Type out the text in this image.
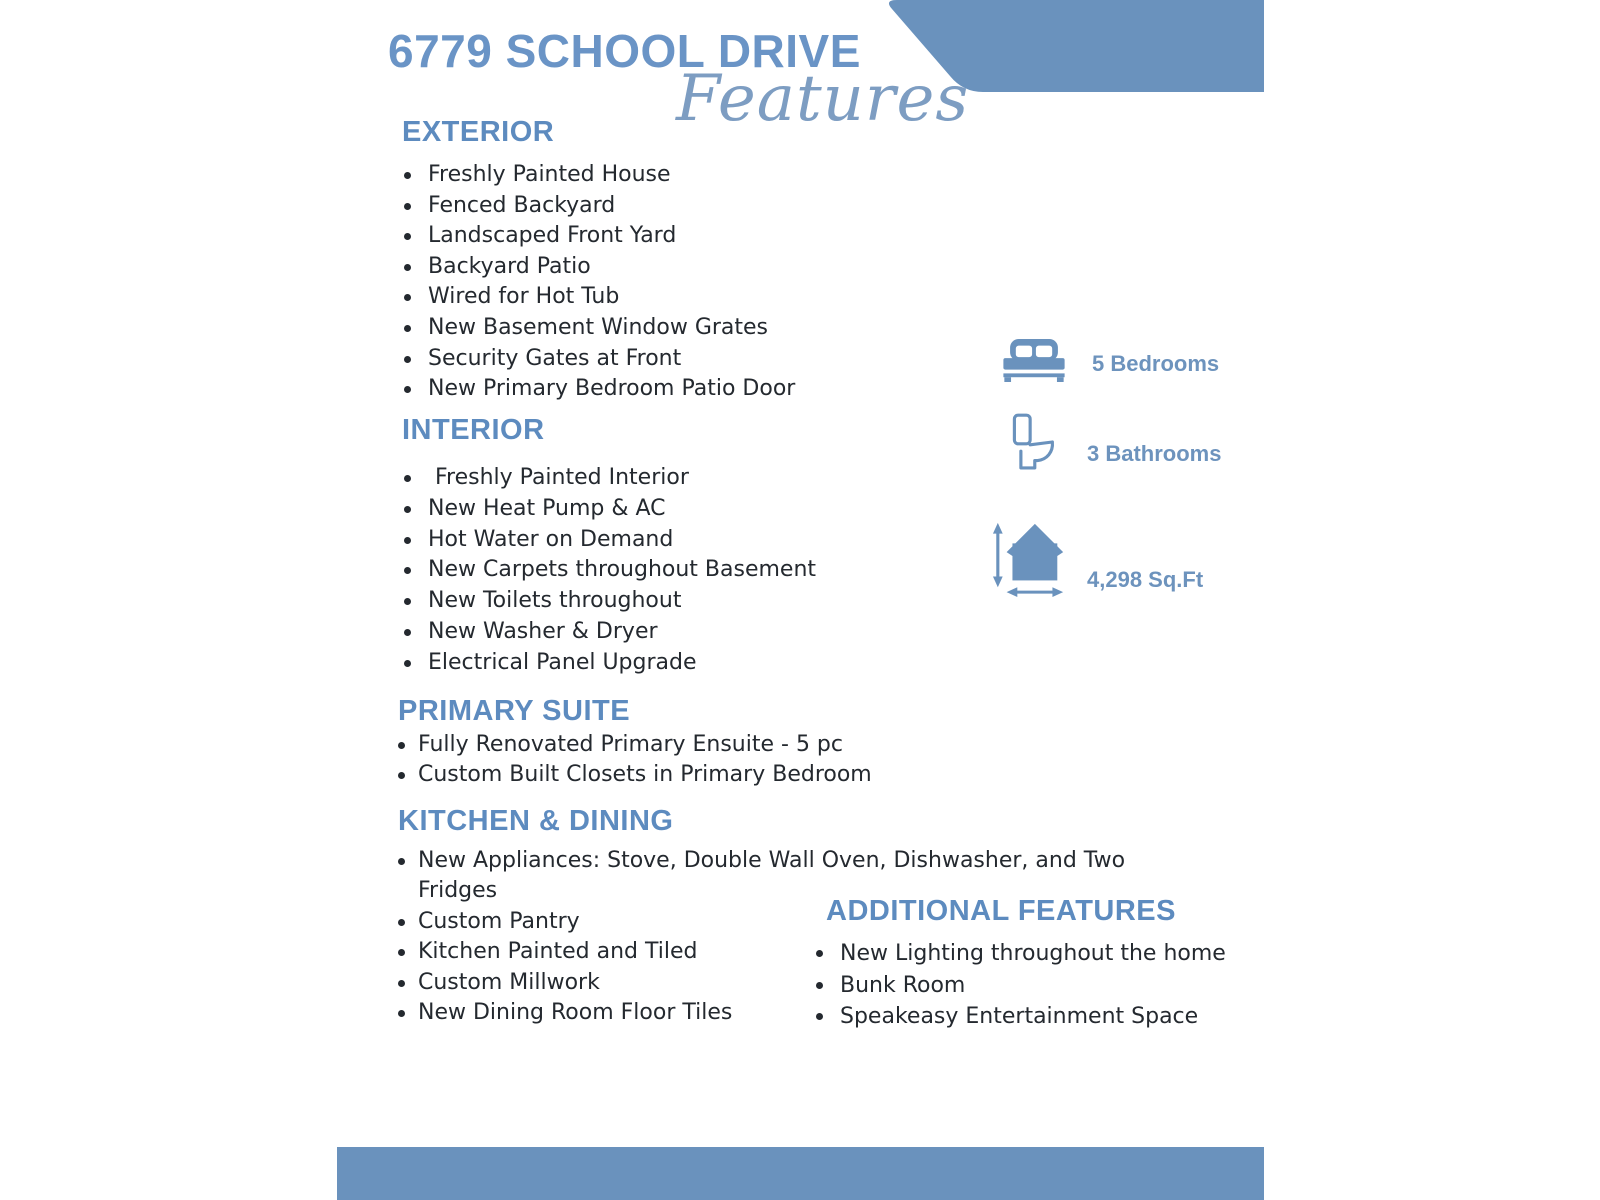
6779 SCHOOL DRIVE
Features
EXTERIOR
Freshly Painted House
Fenced Backyard
Landscaped Front Yard
Backyard Patio
Wired for Hot Tub
New Basement Window Grates
Security Gates at Front
New Primary Bedroom Patio Door
INTERIOR
Freshly Painted Interior
New Heat Pump & AC
Hot Water on Demand
New Carpets throughout Basement
New Toilets throughout
New Washer & Dryer
Electrical Panel Upgrade
PRIMARY SUITE
Fully Renovated Primary Ensuite - 5 pc
Custom Built Closets in Primary Bedroom
KITCHEN & DINING
New Appliances: Stove, Double Wall Oven, Dishwasher, and Two Fridges
Custom Pantry
Kitchen Painted and Tiled
Custom Millwork
New Dining Room Floor Tiles
ADDITIONAL FEATURES
New Lighting throughout the home
Bunk Room
Speakeasy Entertainment Space
5 Bedrooms
3 Bathrooms
4,298 Sq.Ft
